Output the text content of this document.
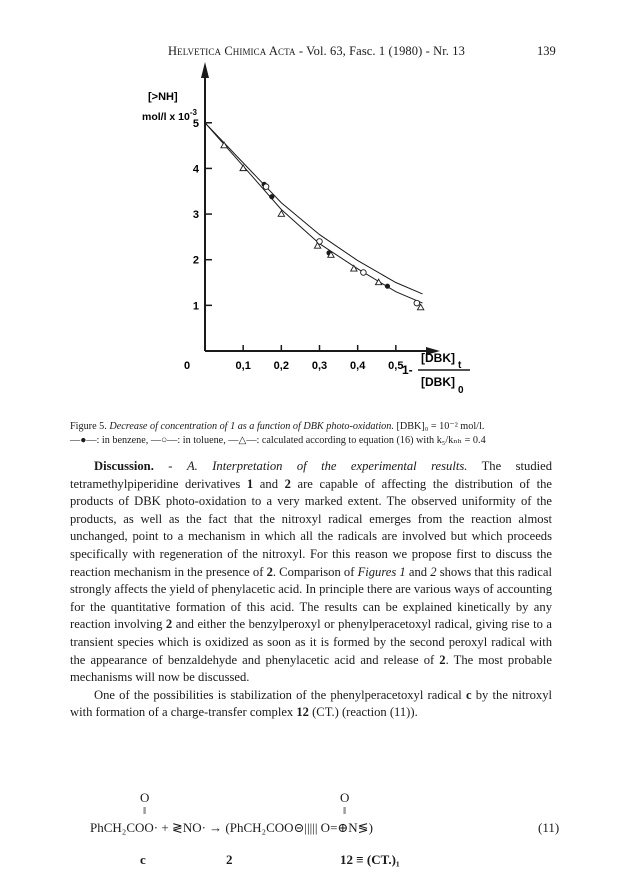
Helvetica Chimica Acta - Vol. 63, Fasc. 1 (1980) - Nr. 13	139
[>NH]
mol/l x $10^{-3}$
0	1-
[DBK]
t
[DBK]
0
0,1 0,2 0,3 0,4 0,5
1
2
3
4
5
Figure 5. Decrease of concentration of 1 as a function of DBK photo-oxidation. [DBK]₀ = 10⁻² mol/l.
—●—: in benzene, —○—: in toluene, —△—: calculated according to equation (16) with k₅/kₙₕ = 0.4

Discussion. - A. Interpretation of the experimental results. The studied tetramethylpiperidine derivatives 1 and 2 are capable of affecting the distribution of the products of DBK photo-oxidation to a very marked extent. The observed uniformity of the products, as well as the fact that the nitroxyl radical emerges from the reaction almost unchanged, point to a mechanism in which all the radicals are involved but which proceeds specifically with regeneration of the nitroxyl. For this reason we propose first to discuss the reaction mechanism in the presence of 2. Comparison of Figures 1 and 2 shows that this radical strongly affects the yield of phenylacetic acid. In principle there are various ways of accounting for the quantitative formation of this acid. The results can be explained kinetically by any reaction involving 2 and either the benzylperoxyl or phenylperacetoxyl radical, giving rise to a transient species which is oxidized as soon as it is formed by the second peroxyl radical with the appearance of benzaldehyde and phenylacetic acid and release of 2. The most probable mechanisms will now be discussed.

One of the possibilities is stabilization of the phenylperacetoxyl radical c by the nitroxyl with formation of a charge-transfer complex 12 (CT.) (reaction (11)).

O
‖
O
‖
PhCH₂COO· + ≷NO· → (PhCH₂COO⊝||||| O=⊕N≶)	(11)
c	2	12 ≡ (CT.)₁
